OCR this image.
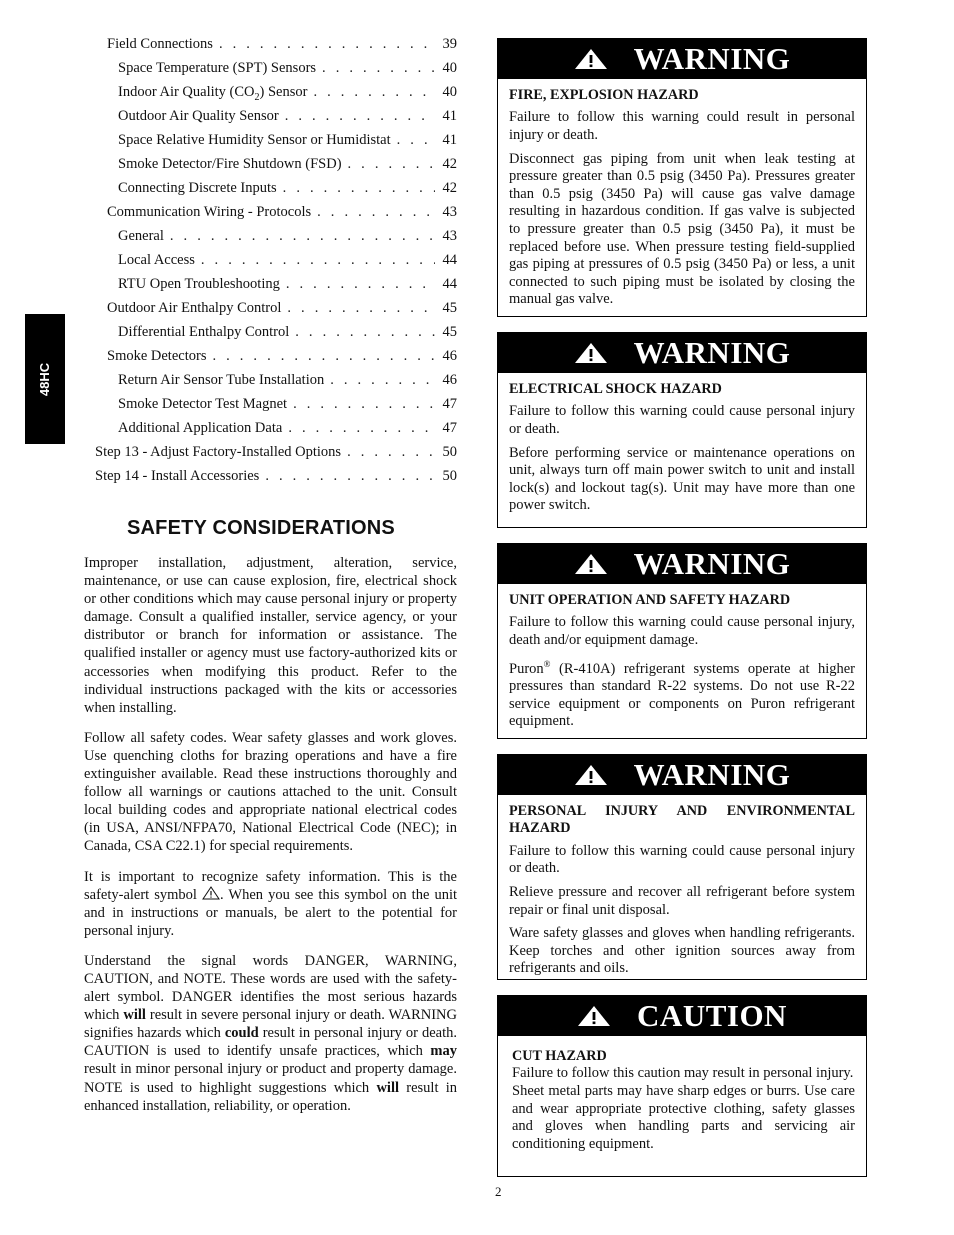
48HC
Field Connections . . .	39
Space Temperature (SPT) Sensors . . .	40
Indoor Air Quality $(CO_2)$ Sensor . . .	40
Outdoor Air Quality Sensor . . .	41
Space Relative Humidity Sensor or Humidistat . . .	41
Smoke Detector/Fire Shutdown (FSD) . . .	42
Connecting Discrete Inputs . . .	42
Communication Wiring - Protocols . . .	43
General . . .	43
Local Access . . .	44
RTU Open Troubleshooting . . .	44
Outdoor Air Enthalpy Control . . .	45
Differential Enthalpy Control . . .	45
Smoke Detectors . . .	46
Return Air Sensor Tube Installation . . .	46
Smoke Detector Test Magnet . . .	47
Additional Application Data . . .	47
Step 13 - Adjust Factory-Installed Options . . .	50
Step 14 - Install Accessories . . .	50
SAFETY CONSIDERATIONS

Improper installation, adjustment, alteration, service, maintenance, or use can cause explosion, fire, electrical shock or other conditions which may cause personal injury or property damage. Consult a qualified installer, service agency, or your distributor or branch for information or assistance. The qualified installer or agency must use factory-authorized kits or accessories when modifying this product. Refer to the individual instructions packaged with the kits or accessories when installing.

Follow all safety codes. Wear safety glasses and work gloves. Use quenching cloths for brazing operations and have a fire extinguisher available. Read these instructions thoroughly and follow all warnings or cautions attached to the unit. Consult local building codes and appropriate national electrical codes (in USA, ANSI/NFPA70, National Electrical Code (NEC); in Canada, CSA C22.1) for special requirements.

It is important to recognize safety information. This is the safety-alert symbol . When you see this symbol on the unit and in instructions or manuals, be alert to the potential for personal injury.

Understand the signal words DANGER, WARNING, CAUTION, and NOTE. These words are used with the safety-alert symbol. DANGER identifies the most serious hazards which will result in severe personal injury or death. WARNING signifies hazards which could result in personal injury or death. CAUTION is used to identify unsafe practices, which may result in minor personal injury or product and property damage. NOTE is used to highlight suggestions which will result in enhanced installation, reliability, or operation.

WARNING
FIRE, EXPLOSION HAZARD

Failure to follow this warning could result in personal injury or death.

Disconnect gas piping from unit when leak testing at pressure greater than 0.5 psig (3450 Pa). Pressures greater than 0.5 psig (3450 Pa) will cause gas valve damage resulting in hazardous condition. If gas valve is subjected to pressure greater than 0.5 psig (3450 Pa), it must be replaced before use. When pressure testing field-supplied gas piping at pressures of 0.5 psig (3450 Pa) or less, a unit connected to such piping must be isolated by closing the manual gas valve.

WARNING
ELECTRICAL SHOCK HAZARD

Failure to follow this warning could cause personal injury or death.

Before performing service or maintenance operations on unit, always turn off main power switch to unit and install lock(s) and lockout tag(s). Unit may have more than one power switch.

WARNING
UNIT OPERATION AND SAFETY HAZARD

Failure to follow this warning could cause personal injury, death and/or equipment damage.

Puron® (R-410A) refrigerant systems operate at higher pressures than standard R-22 systems. Do not use R-22 service equipment or components on Puron refrigerant equipment.

WARNING
PERSONAL INJURY AND ENVIRONMENTAL HAZARD

Failure to follow this warning could cause personal injury or death.

Relieve pressure and recover all refrigerant before system repair or final unit disposal.

Ware safety glasses and gloves when handling refrigerants. Keep torches and other ignition sources away from refrigerants and oils.

CAUTION
CUT HAZARD

Failure to follow this caution may result in personal injury.

Sheet metal parts may have sharp edges or burrs. Use care and wear appropriate protective clothing, safety glasses and gloves when handling parts and servicing air conditioning equipment.

2
